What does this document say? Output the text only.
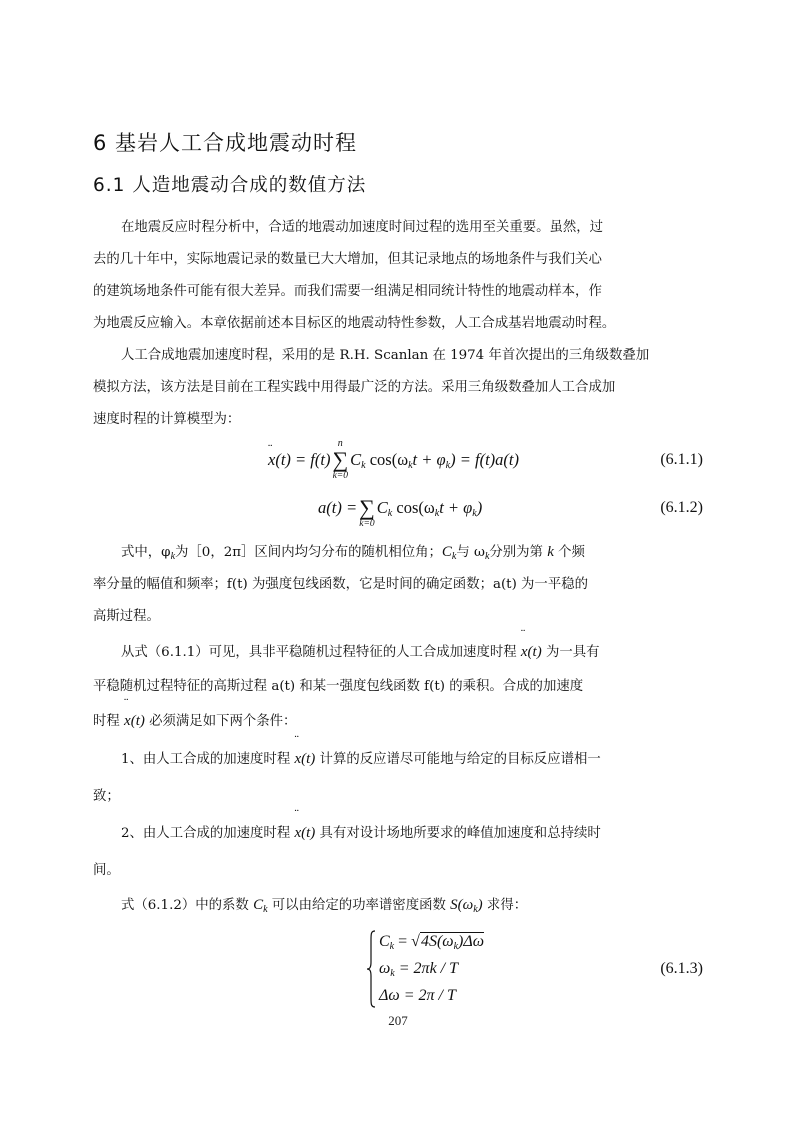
6 基岩人工合成地震动时程
6.1 人造地震动合成的数值方法
在地震反应时程分析中，合适的地震动加速度时间过程的选用至关重要。虽然，过
去的几十年中，实际地震记录的数量已大大增加，但其记录地点的场地条件与我们关心
的建筑场地条件可能有很大差异。而我们需要一组满足相同统计特性的地震动样本，作
为地震反应输入。本章依据前述本目标区的地震动特性参数，人工合成基岩地震动时程。
人工合成地震加速度时程，采用的是 R.H. Scanlan 在 1974 年首次提出的三角级数叠加
模拟方法，该方法是目前在工程实践中用得最广泛的方法。采用三角级数叠加人工合成加
速度时程的计算模型为：
¨ x(t) = f(t)
n
∑
k=0
$C_k$ $\cos(\omega_kt + \varphi_k) = f(t)a(t)$	(6.1.1)
a(t) = ∑
k=0
$C_k$ $\cos(\omega_kt + \varphi_k)$	(6.1.2)
式中，$\varphi_k$为［0，2π］区间内均匀分布的随机相位角；$C_k$与 $\omega_k$分别为第 k 个频
率分量的幅值和频率；f(t) 为强度包线函数，它是时间的确定函数；a(t) 为一平稳的
高斯过程。
从式（6.1.1）可见，具非平稳随机过程特征的人工合成加速度时程 ¨ x(t) 为一具有
平稳随机过程特征的高斯过程 a(t) 和某一强度包线函数 f(t) 的乘积。合成的加速度
时程 ¨ x(t) 必须满足如下两个条件：
1、由人工合成的加速度时程 ¨ x(t) 计算的反应谱尽可能地与给定的目标反应谱相一
致；
2、由人工合成的加速度时程 ¨ x(t) 具有对设计场地所要求的峰值加速度和总持续时
间。
式（6.1.2）中的系数 $C_k$ 可以由给定的功率谱密度函数 $S(\omega_k)$ 求得：
$C_k = √4S(\omega_k)\Delta\omega$
$\omega_k = 2\pi k / T$
Δω = 2π / T
(6.1.3)
207
